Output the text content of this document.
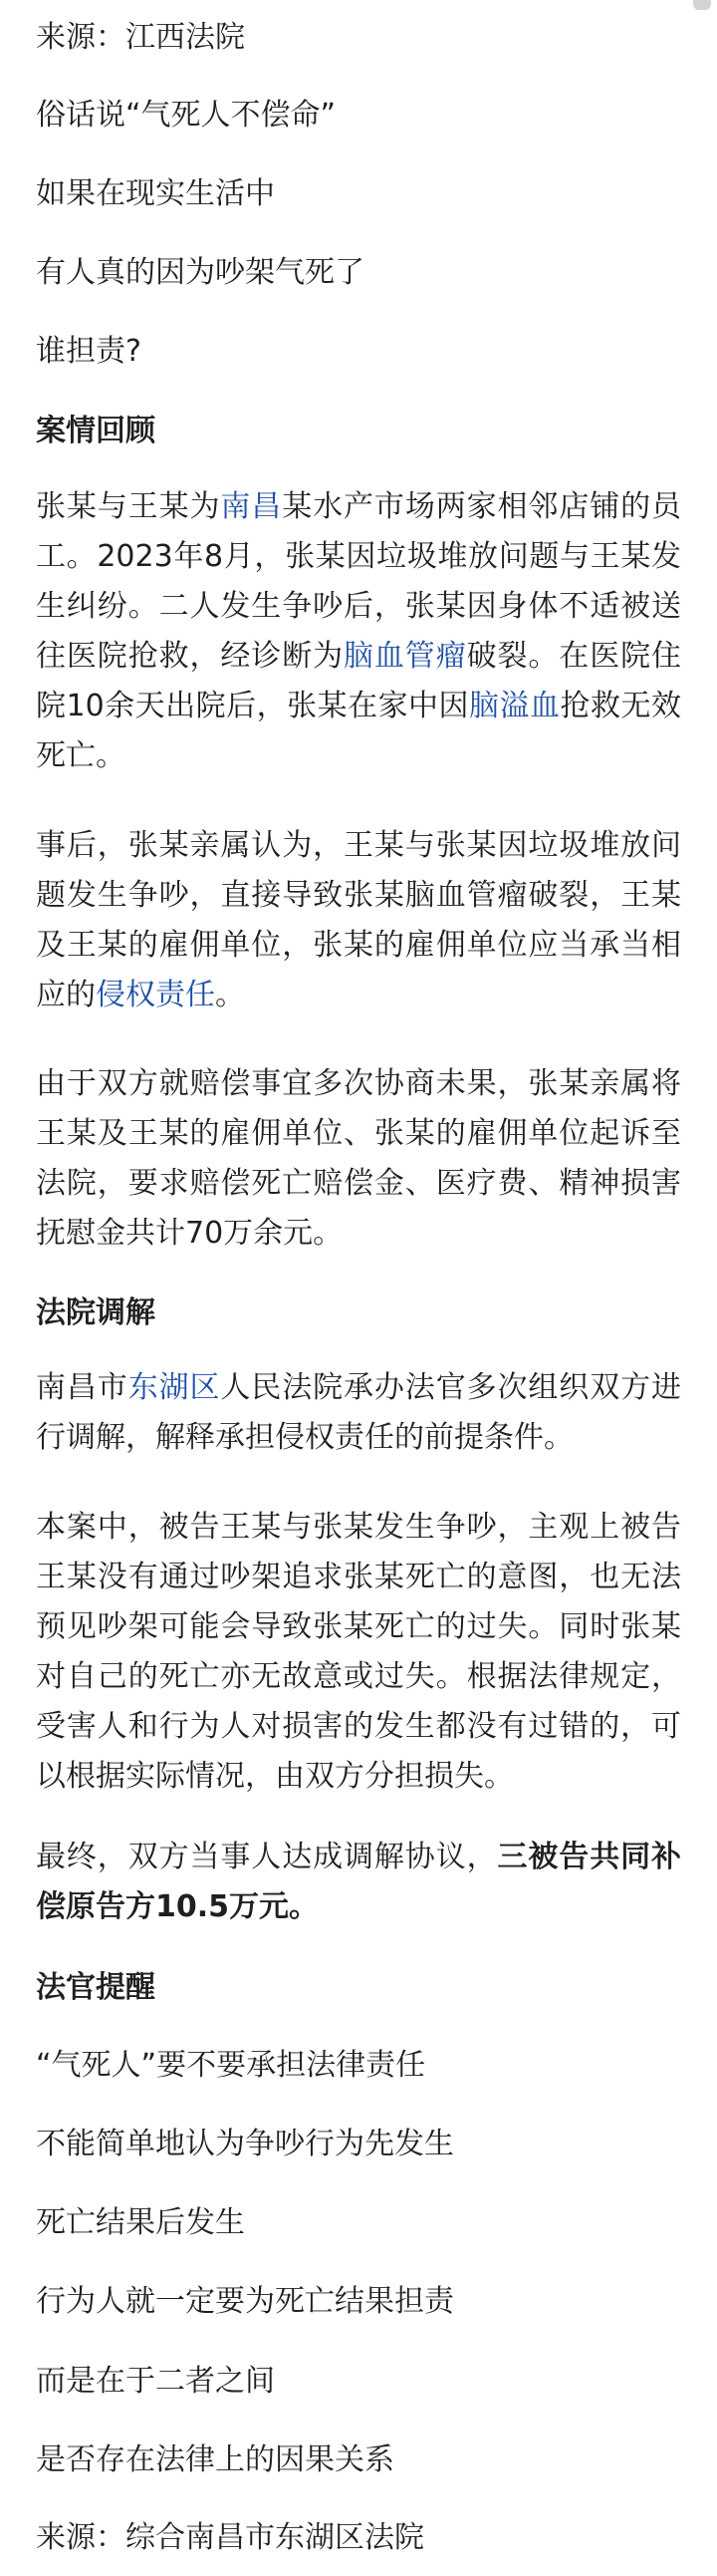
来源：江西法院

俗话说“气死人不偿命”

如果在现实生活中

有人真的因为吵架气死了

谁担责?

案情回顾

张某与王某为南昌某水产市场两家相邻店铺的员工。2023年8月，张某因垃圾堆放问题与王某发生纠纷。二人发生争吵后，张某因身体不适被送往医院抢救，经诊断为脑血管瘤破裂。在医院住院10余天出院后，张某在家中因脑溢血抢救无效死亡。

事后，张某亲属认为，王某与张某因垃圾堆放问题发生争吵，直接导致张某脑血管瘤破裂，王某及王某的雇佣单位，张某的雇佣单位应当承当相应的侵权责任。

由于双方就赔偿事宜多次协商未果，张某亲属将王某及王某的雇佣单位、张某的雇佣单位起诉至法院，要求赔偿死亡赔偿金、医疗费、精神损害抚慰金共计70万余元。

法院调解

南昌市东湖区人民法院承办法官多次组织双方进行调解，解释承担侵权责任的前提条件。

本案中，被告王某与张某发生争吵，主观上被告王某没有通过吵架追求张某死亡的意图，也无法预见吵架可能会导致张某死亡的过失。同时张某对自己的死亡亦无故意或过失。根据法律规定，受害人和行为人对损害的发生都没有过错的，可以根据实际情况，由双方分担损失。

最终，双方当事人达成调解协议，三被告共同补偿原告方10.5万元。

法官提醒

“气死人”要不要承担法律责任

不能简单地认为争吵行为先发生

死亡结果后发生

行为人就一定要为死亡结果担责

而是在于二者之间

是否存在法律上的因果关系

来源：综合南昌市东湖区法院
